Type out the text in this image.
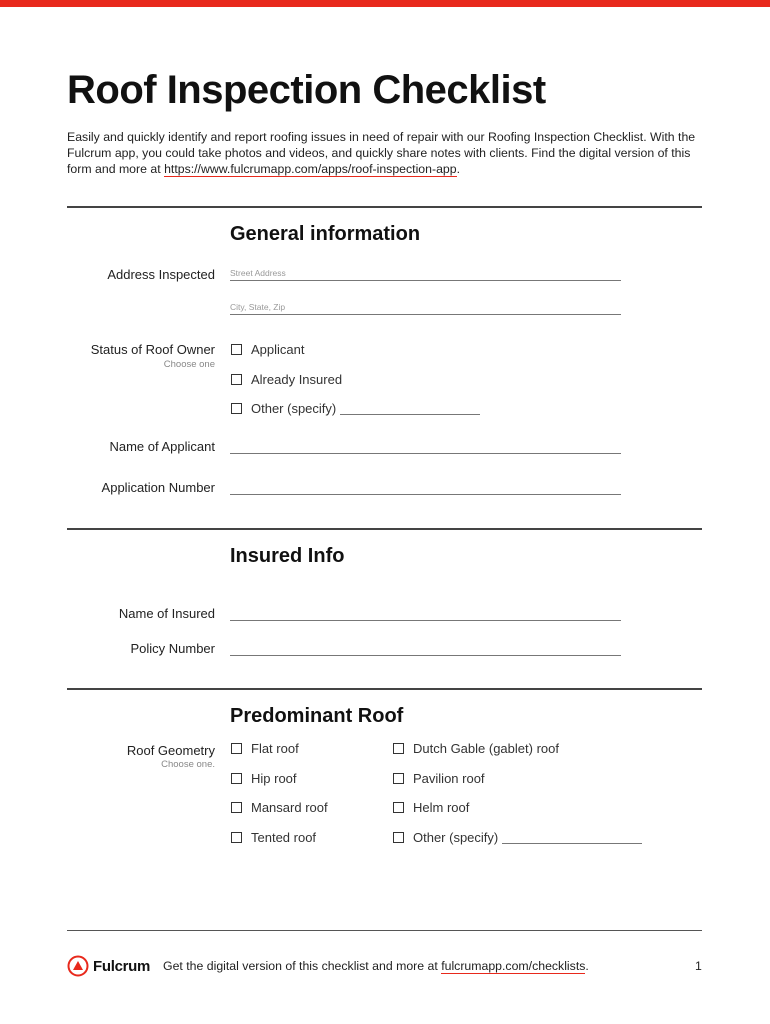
Roof Inspection Checklist
Easily and quickly identify and report roofing issues in need of repair with our Roofing Inspection Checklist. With the Fulcrum app, you could take photos and videos, and quickly share notes with clients. Find the digital version of this form and more at https://www.fulcrumapp.com/apps/roof-inspection-app.
General information
Address Inspected Street Address
City, State, Zip
Status of Roof Owner
Choose one
Applicant
Already Insured
Other (specify)
Name of Applicant
Application Number
Insured Info
Name of Insured
Policy Number
Predominant Roof
Roof Geometry
Choose one.
Flat roof
Hip roof
Mansard roof
Tented roof
Dutch Gable (gablet) roof
Pavilion roof
Helm roof
Other (specify)
Fulcrum Get the digital version of this checklist and more at fulcrumapp.com/checklists.	1
